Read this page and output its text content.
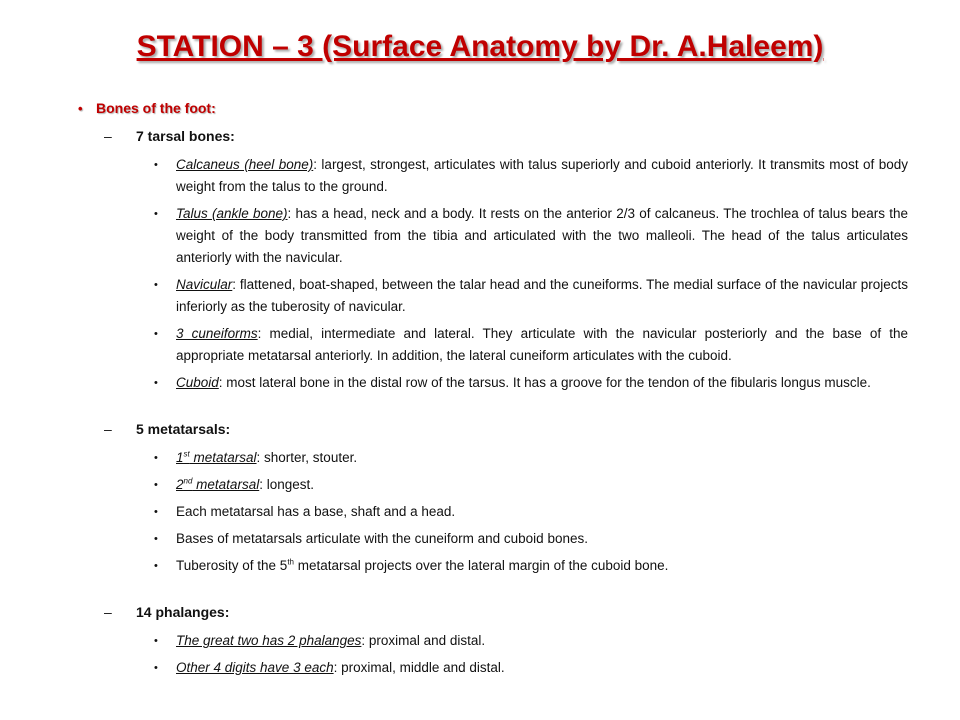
STATION – 3 (Surface Anatomy by Dr. A.Haleem)
• Bones of the foot:
–	7 tarsal bones:
•	Calcaneus (heel bone): largest, strongest, articulates with talus superiorly and cuboid anteriorly. It transmits most of body weight from the talus to the ground.
•	Talus (ankle bone): has a head, neck and a body. It rests on the anterior 2/3 of calcaneus. The trochlea of talus bears the weight of the body transmitted from the tibia and articulated with the two malleoli. The head of the talus articulates anteriorly with the navicular.
•	Navicular: flattened, boat-shaped, between the talar head and the cuneiforms. The medial surface of the navicular projects inferiorly as the tuberosity of navicular.
•	3 cuneiforms: medial, intermediate and lateral. They articulate with the navicular posteriorly and the base of the appropriate metatarsal anteriorly. In addition, the lateral cuneiform articulates with the cuboid.
•	Cuboid: most lateral bone in the distal row of the tarsus. It has a groove for the tendon of the fibularis longus muscle.
–	5 metatarsals:
•	1st metatarsal: shorter, stouter.
•	2nd metatarsal: longest.
•	Each metatarsal has a base, shaft and a head.
•	Bases of metatarsals articulate with the cuneiform and cuboid bones.
•	Tuberosity of the 5th metatarsal projects over the lateral margin of the cuboid bone.
–	14 phalanges:
•	The great two has 2 phalanges: proximal and distal.
•	Other 4 digits have 3 each: proximal, middle and distal.
